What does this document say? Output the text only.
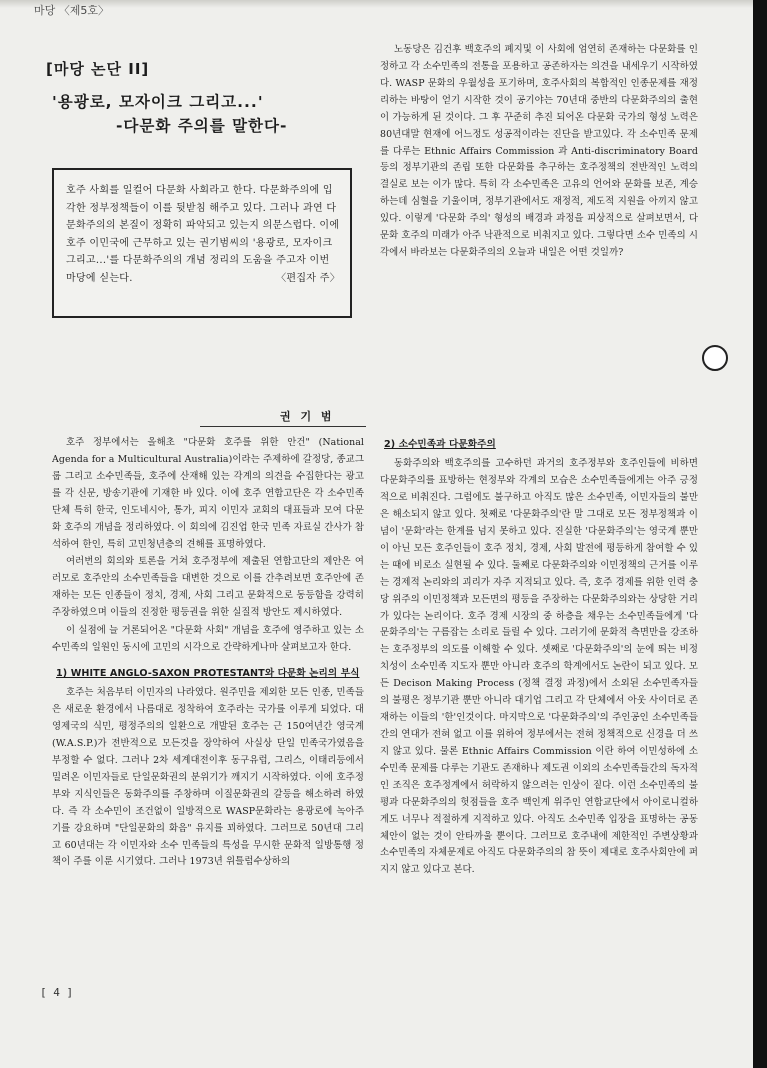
마당 〈제5호〉
[마당 논단 II]
'용광로, 모자이크 그리고...'
-다문화 주의를 말한다-
호주 사회를 일컬어 다문화 사회라고 한다. 다문화주의에 입각한 정부정책들이 이를 뒷받침 해주고 있다. 그러나 과연 다문화주의의 본질이 정확히 파악되고 있는지 의문스럽다. 이에 호주 이민국에 근무하고 있는 권기범씨의 '용광로, 모자이크 그리고...'를 다문화주의의 개념 정리의 도움을 주고자 이번 마당에 싣는다.	〈편집자 주〉
권 기 범

호주 정부에서는 올해초 "다문화 호주를 위한 안건" (National Agenda for a Multicultural Australia)이라는 주제하에 갈정당, 종교그룹 그리고 소수민족들, 호주에 산재해 있는 각계의 의견을 수집한다는 광고를 각 신문, 방송기관에 기재한 바 있다. 이에 호주 연합고단은 각 소수민족단체 특히 한국, 인도네시아, 통가, 피지 이민자 교회의 대표들과 모여 다문화 호주의 개념을 정리하였다. 이 회의에 김진업 한국 민족 자료실 간사가 참석하여 한인, 특히 고민청년층의 견해를 표명하였다.

여러번의 회의와 토론을 거쳐 호주정부에 제출된 연합고단의 제안은 여러모로 호주안의 소수민족들을 대변한 것으로 이를 간추려보면 호주안에 존재하는 모든 인종들이 정치, 경제, 사회 그리고 문화적으로 동등함을 강력히 주장하였으며 이들의 진정한 평등권을 위한 실질적 방안도 제시하였다.

이 실점에 늘 거론되어온 "다문화 사회" 개념을 호주에 영주하고 있는 소수민족의 일원인 동시에 고민의 시각으로 간략하게나마 살펴보고자 한다.

1) WHITE ANGLO-SAXON PROTESTANT와 다문화 논리의 부식

호주는 처음부터 이민자의 나라였다. 원주민을 제외한 모든 인종, 민족들은 새로운 환경에서 나름대로 정착하여 호주라는 국가를 이루게 되었다. 대영제국의 식민, 평정주의의 일환으로 개발된 호주는 근 150여년간 영국계(W.A.S.P.)가 전반적으로 모든것을 장악하여 사실상 단일 민족국가였음을 부정할 수 없다. 그러나 2차 세계대전이후 동구유럽, 그리스, 이태리등에서 밀려온 이민자들로 단일문화권의 분위기가 깨지기 시작하였다. 이에 호주정부와 지식인들은 동화주의를 주창하며 이질문화권의 갈등을 해소하려 하였다. 즉 각 소수민이 조건없이 일방적으로 WASP문화라는 용광로에 녹아주기를 강요하며 "단일문화의 화음" 유지를 꾀하였다. 그러므로 50년대 그리고 60년대는 각 이민자와 소수 민족들의 특성을 무시한 문화적 일방통행 정책이 주를 이룬 시기였다. 그러나 1973년 위틀럼수상하의

노동당은 김건후 백호주의 폐지및 이 사회에 엄연히 존재하는 다문화를 인정하고 각 소수민족의 전통을 포용하고 공존하자는 의견을 내세우기 시작하였다. WASP 문화의 우월성을 포기하며, 호주사회의 복합적인 인종문제를 재정리하는 바탕이 얻기 시작한 것이 공기야는 70년대 중반의 다문화주의의 출현이 가능하게 된 것이다. 그 후 꾸준히 추진 되어온 다문화 국가의 형성 노력은 80년대말 현재에 어느정도 성공적이라는 진단을 받고있다. 각 소수민족 문제를 다루는 Ethnic Affairs Commission 과 Anti-discriminatory Board 등의 정부기관의 존립 또한 다문화를 추구하는 호주정책의 전반적인 노력의 결실로 보는 이가 많다. 특히 각 소수민족은 고유의 언어와 문화를 보존, 계승하는데 심혈을 기울이며, 정부기관에서도 재정적, 제도적 지원을 아끼지 않고 있다. 이렇게 '다문화 주의' 형성의 배경과 과정을 피상적으로 살펴보면서, 다문화 호주의 미래가 아주 낙관적으로 비춰지고 있다. 그렇다면 소수 민족의 시각에서 바라보는 다문화주의의 오늘과 내일은 어떤 것일까?

2) 소수민족과 다문화주의

동화주의와 백호주의를 고수하던 과거의 호주정부와 호주인들에 비하면 다문화주의를 표방하는 현정부와 각계의 모습은 소수민족들에게는 아주 긍정적으로 비춰진다. 그럼에도 불구하고 아직도 많은 소수민족, 이민자들의 불만은 해소되지 않고 있다. 첫째로 '다문화주의'란 말 그대로 모든 정부정책과 이념이 '문화'라는 한계를 넘지 못하고 있다. 진실한 '다문화주의'는 영국계 뿐만이 아닌 모든 호주인들이 호주 정치, 경제, 사회 발전에 평등하게 참여할 수 있는 때에 비로소 실현될 수 있다. 둘째로 다문화주의와 이민정책의 근거를 이루는 경제적 논리와의 괴리가 자주 지적되고 있다. 즉, 호주 경제를 위한 인력 충당 위주의 이민정책과 모든면의 평등을 주장하는 다문화주의와는 상당한 거리가 있다는 논리이다. 호주 경제 시장의 중 하층을 채우는 소수민족들에게 '다문화주의'는 구름잡는 소리로 들릴 수 있다. 그러기에 문화적 측면만을 강조하는 호주정부의 의도를 이해할 수 있다. 셋째로 '다문화주의'의 눈에 띄는 비정치성이 소수민족 지도자 뿐만 아니라 호주의 학계에서도 논란이 되고 있다. 모든 Decison Making Process (정책 결정 과정)에서 소외된 소수민족자들의 불평은 정부기관 뿐만 아니라 대기업 그리고 각 단체에서 아웃 사이더로 존재하는 이들의 '한'인것이다. 마지막으로 '다문화주의'의 주인공인 소수민족들간의 연대가 전혀 없고 이를 위하여 정부에서는 전혀 정책적으로 신경을 더 쓰지 않고 있다. 물론 Ethnic Affairs Commission 이란 하여 이민성하에 소수민족 문제를 다루는 기관도 존재하나 제도권 이외의 소수민족들간의 독자적인 조직은 호주정계에서 허락하지 않으려는 인상이 짙다. 이런 소수민족의 불평과 다문화주의의 헛점들을 호주 백인계 위주인 연합교단에서 아이로니컬하게도 너무나 적절하게 지적하고 있다. 아직도 소수민족 입장을 표명하는 공동체안이 없는 것이 안타까울 뿐이다. 그러므로 호주내에 제한적인 주변상황과 소수민족의 자체문제로 아직도 다문화주의의 참 뜻이 제대로 호주사회안에 퍼지지 않고 있다고 본다.

[ 4 ]
